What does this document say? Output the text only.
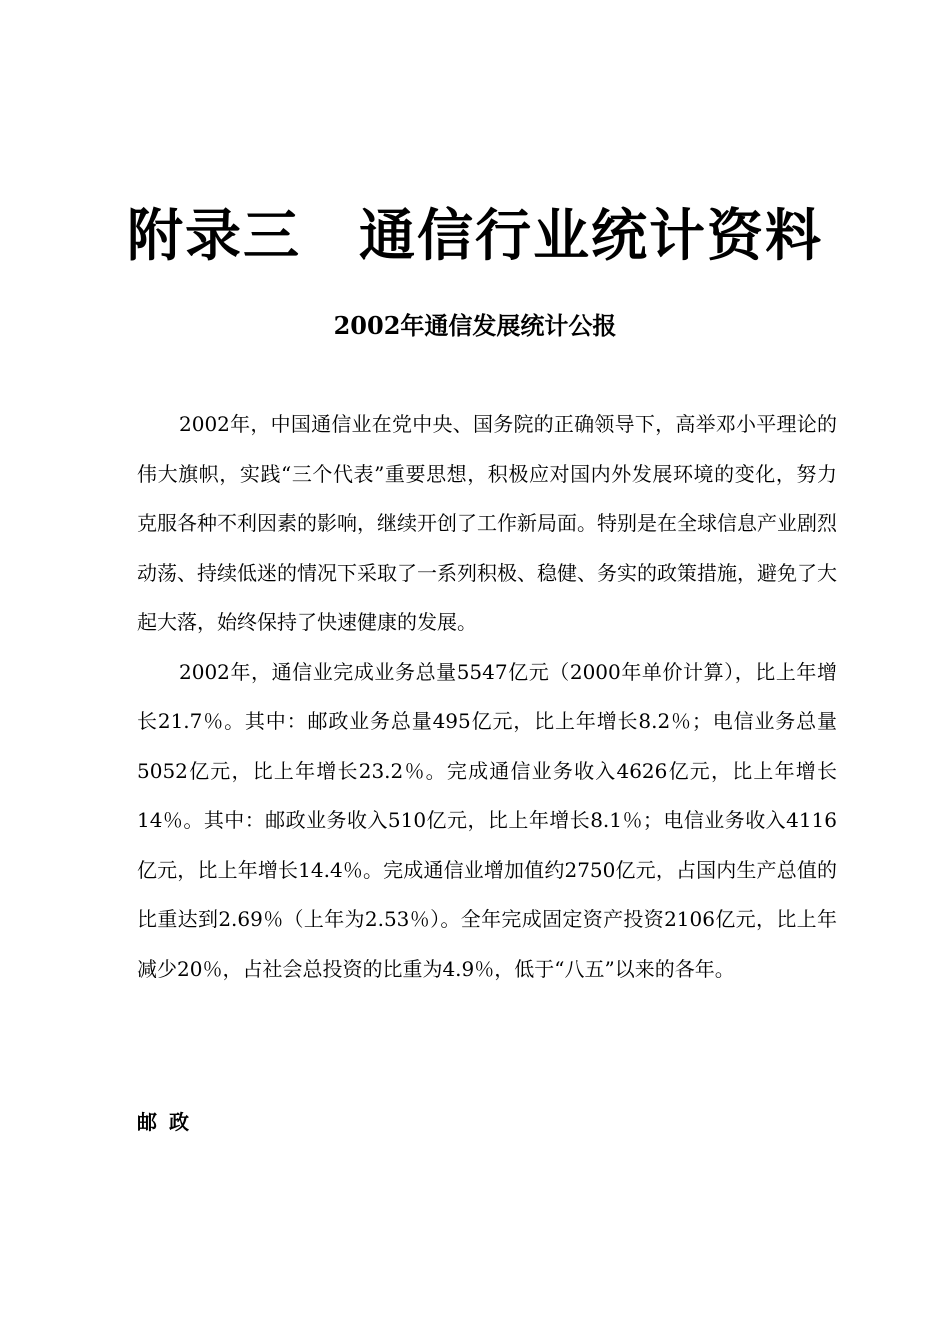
附录三　通信行业统计资料
2002年通信发展统计公报

2002年，中国通信业在党中央、国务院的正确领导下，高举邓小平理论的伟大旗帜，实践“三个代表”重要思想，积极应对国内外发展环境的变化，努力克服各种不利因素的影响，继续开创了工作新局面。特别是在全球信息产业剧烈动荡、持续低迷的情况下采取了一系列积极、稳健、务实的政策措施，避免了大起大落，始终保持了快速健康的发展。

2002年，通信业完成业务总量5547亿元（2000年单价计算），比上年增长21.7％。其中：邮政业务总量495亿元，比上年增长8.2％；电信业务总量5052亿元，比上年增长23.2％。完成通信业务收入4626亿元，比上年增长14％。其中：邮政业务收入510亿元，比上年增长8.1％；电信业务收入4116亿元，比上年增长14.4％。完成通信业增加值约2750亿元，占国内生产总值的比重达到2.69％（上年为2.53％）。全年完成固定资产投资2106亿元，比上年减少20％，占社会总投资的比重为4.9％，低于“八五”以来的各年。

邮政
